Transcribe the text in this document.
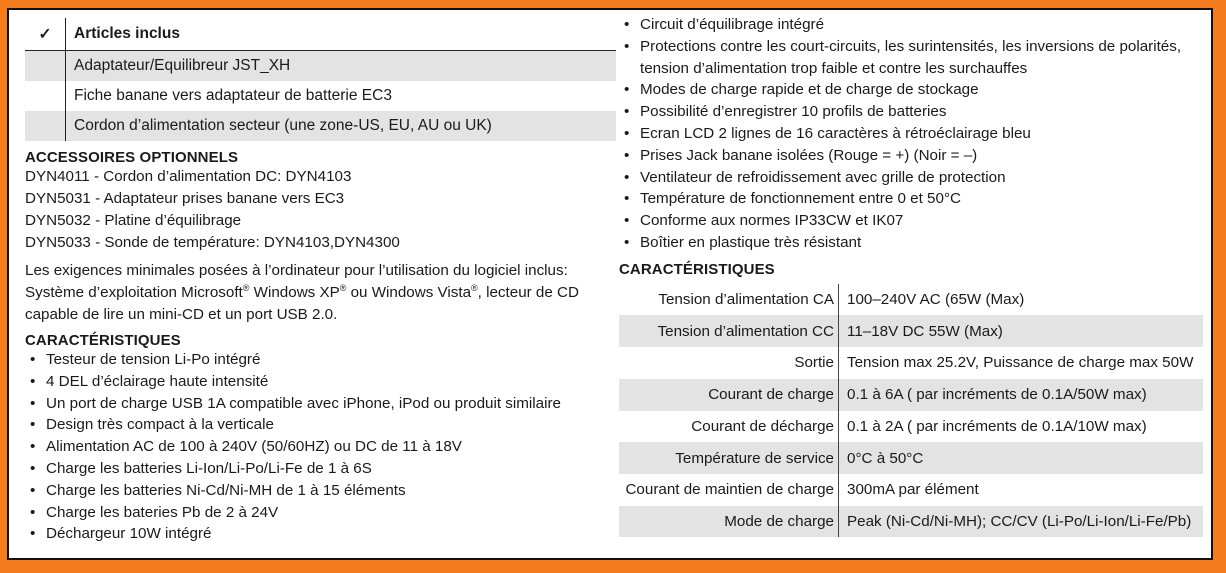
✓	Articles inclus
	Adaptateur/Equilibreur JST_XH
	Fiche banane vers adaptateur de batterie EC3
	Cordon d’alimentation secteur (une zone-US, EU, AU ou UK)
ACCESSOIRES OPTIONNELS
DYN4011 - Cordon d’alimentation DC: DYN4103
DYN5031 - Adaptateur prises banane vers EC3
DYN5032 - Platine d’équilibrage
DYN5033 - Sonde de température: DYN4103,DYN4300
Les exigences minimales posées à l’ordinateur pour l’utilisation du logiciel inclus: Système d’exploitation Microsoft® Windows XP® ou Windows Vista®, lecteur de CD capable de lire un mini-CD et un port USB 2.0.
CARACTÉRISTIQUES
• Testeur de tension Li-Po intégré
• 4 DEL d’éclairage haute intensité
• Un port de charge USB 1A compatible avec iPhone, iPod ou produit similaire
• Design très compact à la verticale
• Alimentation AC de 100 à 240V (50/60HZ) ou DC de 11 à 18V
• Charge les batteries Li-Ion/Li-Po/Li-Fe de 1 à 6S
• Charge les batteries Ni-Cd/Ni-MH de 1 à 15 éléments
• Charge les bateries Pb de 2 à 24V
• Déchargeur 10W intégré
• Circuit d’équilibrage intégré
• Protections contre les court-circuits, les surintensités, les inversions de polarités, tension d’alimentation trop faible et contre les surchauffes
• Modes de charge rapide et de charge de stockage
• Possibilité d’enregistrer 10 profils de batteries
• Ecran LCD 2 lignes de 16 caractères à rétroéclairage bleu
• Prises Jack banane isolées (Rouge = +) (Noir = –)
• Ventilateur de refroidissement avec grille de protection
• Température de fonctionnement entre 0 et 50°C
• Conforme aux normes IP33CW et IK07
• Boîtier en plastique très résistant
CARACTÉRISTIQUES
Tension d’alimentation CA	100–240V AC (65W (Max)
Tension d’alimentation CC	11–18V DC 55W (Max)
Sortie	Tension max 25.2V, Puissance de charge max 50W
Courant de charge	0.1 à 6A ( par incréments de 0.1A/50W max)
Courant de décharge	0.1 à 2A ( par incréments de 0.1A/10W max)
Température de service	0°C à 50°C
Courant de maintien de charge	300mA par élément
Mode de charge	Peak (Ni-Cd/Ni-MH); CC/CV (Li-Po/Li-Ion/Li-Fe/Pb)
